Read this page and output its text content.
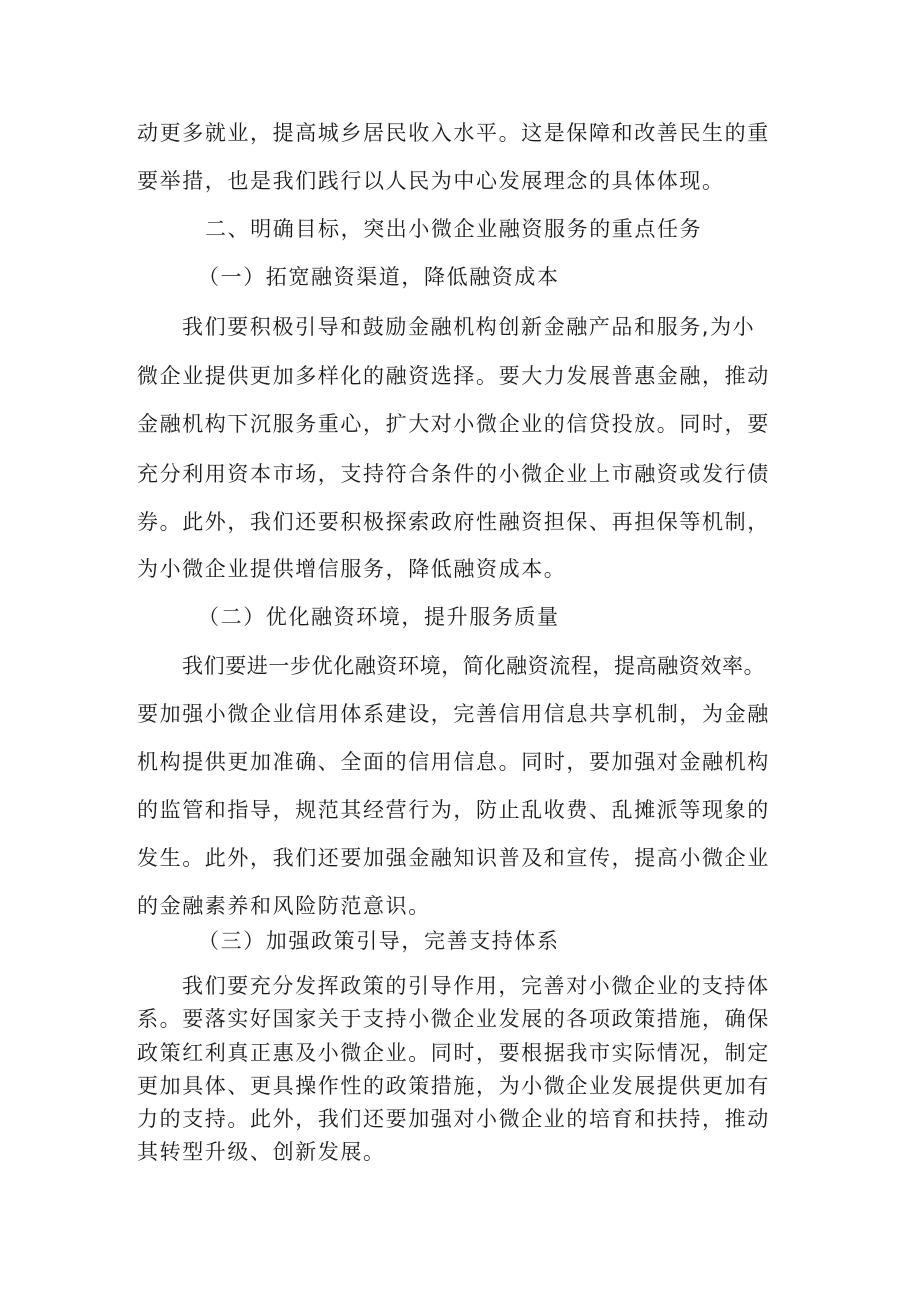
动更多就业，提高城乡居民收入水平。这是保障和改善民生的重

要举措，也是我们践行以人民为中心发展理念的具体体现。

二、明确目标，突出小微企业融资服务的重点任务

（一）拓宽融资渠道，降低融资成本

我们要积极引导和鼓励金融机构创新金融产品和服务,为小

微企业提供更加多样化的融资选择。要大力发展普惠金融，推动

金融机构下沉服务重心，扩大对小微企业的信贷投放。同时，要

充分利用资本市场，支持符合条件的小微企业上市融资或发行债

券。此外，我们还要积极探索政府性融资担保、再担保等机制，

为小微企业提供增信服务，降低融资成本。

（二）优化融资环境，提升服务质量

我们要进一步优化融资环境，简化融资流程，提高融资效率。

要加强小微企业信用体系建设，完善信用信息共享机制，为金融

机构提供更加准确、全面的信用信息。同时，要加强对金融机构

的监管和指导，规范其经营行为，防止乱收费、乱摊派等现象的

发生。此外，我们还要加强金融知识普及和宣传，提高小微企业

的金融素养和风险防范意识。

（三）加强政策引导，完善支持体系

我们要充分发挥政策的引导作用，完善对小微企业的支持体

系。要落实好国家关于支持小微企业发展的各项政策措施，确保

政策红利真正惠及小微企业。同时，要根据我市实际情况，制定

更加具体、更具操作性的政策措施，为小微企业发展提供更加有

力的支持。此外，我们还要加强对小微企业的培育和扶持，推动

其转型升级、创新发展。
